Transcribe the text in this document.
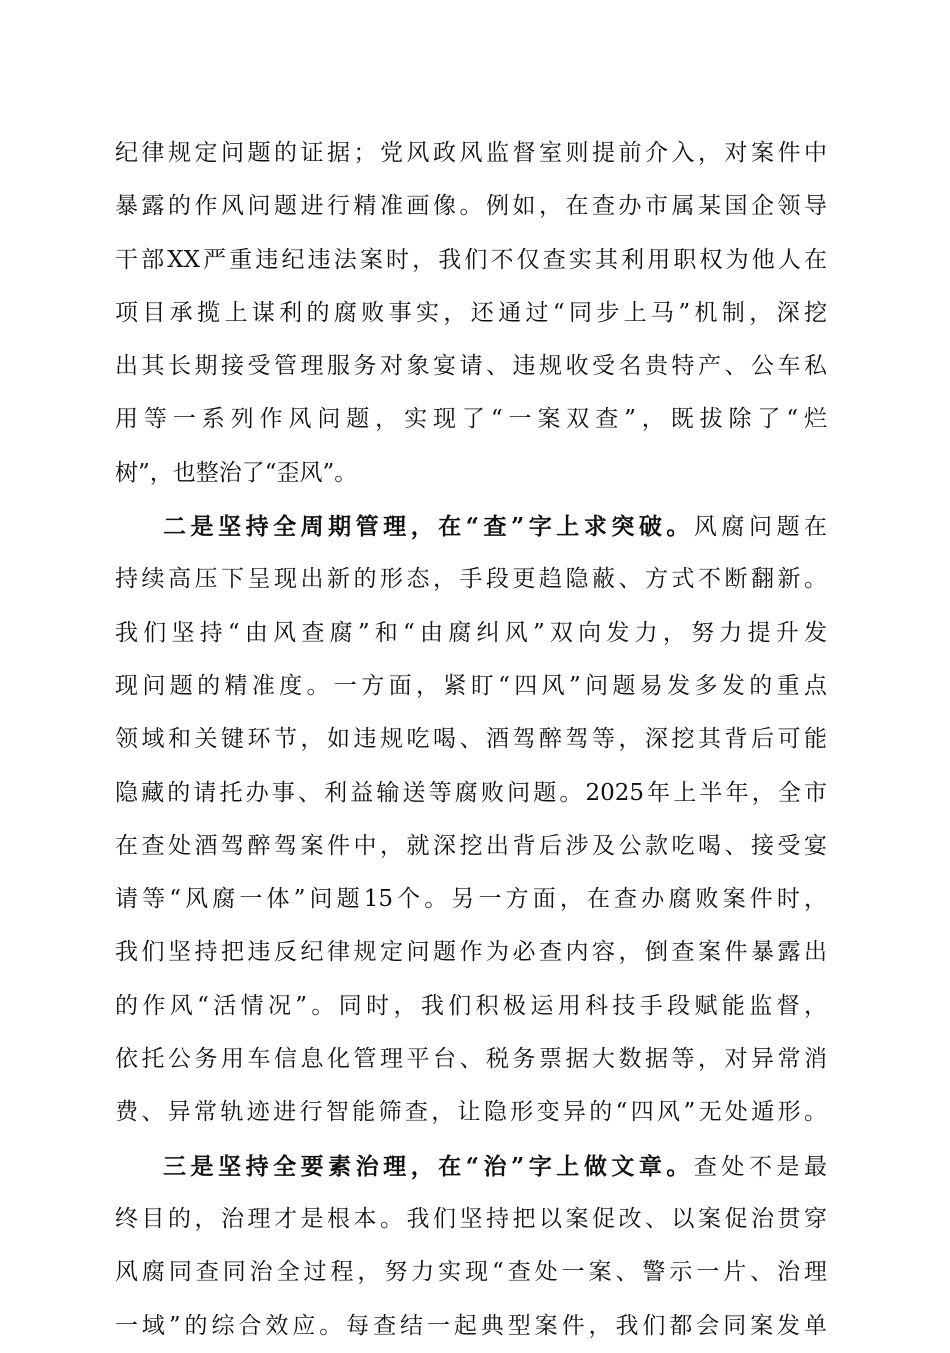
纪律规定问题的证据；党风政风监督室则提前介入，对案件中
暴露的作风问题进行精准画像。例如，在查办市属某国企领导
干部XX严重违纪违法案时，我们不仅查实其利用职权为他人在
项目承揽上谋利的腐败事实，还通过“同步上马”机制，深挖
出其长期接受管理服务对象宴请、违规收受名贵特产、公车私
用等一系列作风问题，实现了“一案双查”，既拔除了“烂
树”，也整治了“歪风”。
二是坚持全周期管理，在“查”字上求突破。风腐问题在
持续高压下呈现出新的形态，手段更趋隐蔽、方式不断翻新。
我们坚持“由风查腐”和“由腐纠风”双向发力，努力提升发
现问题的精准度。一方面，紧盯“四风”问题易发多发的重点
领域和关键环节，如违规吃喝、酒驾醉驾等，深挖其背后可能
隐藏的请托办事、利益输送等腐败问题。2025年上半年，全市
在查处酒驾醉驾案件中，就深挖出背后涉及公款吃喝、接受宴
请等“风腐一体”问题15个。另一方面，在查办腐败案件时，
我们坚持把违反纪律规定问题作为必查内容，倒查案件暴露出
的作风“活情况”。同时，我们积极运用科技手段赋能监督，
依托公务用车信息化管理平台、税务票据大数据等，对异常消
费、异常轨迹进行智能筛查，让隐形变异的“四风”无处遁形。
三是坚持全要素治理，在“治”字上做文章。查处不是最
终目的，治理才是根本。我们坚持把以案促改、以案促治贯穿
风腐同查同治全过程，努力实现“查处一案、警示一片、治理
一域”的综合效应。每查结一起典型案件，我们都会同案发单
